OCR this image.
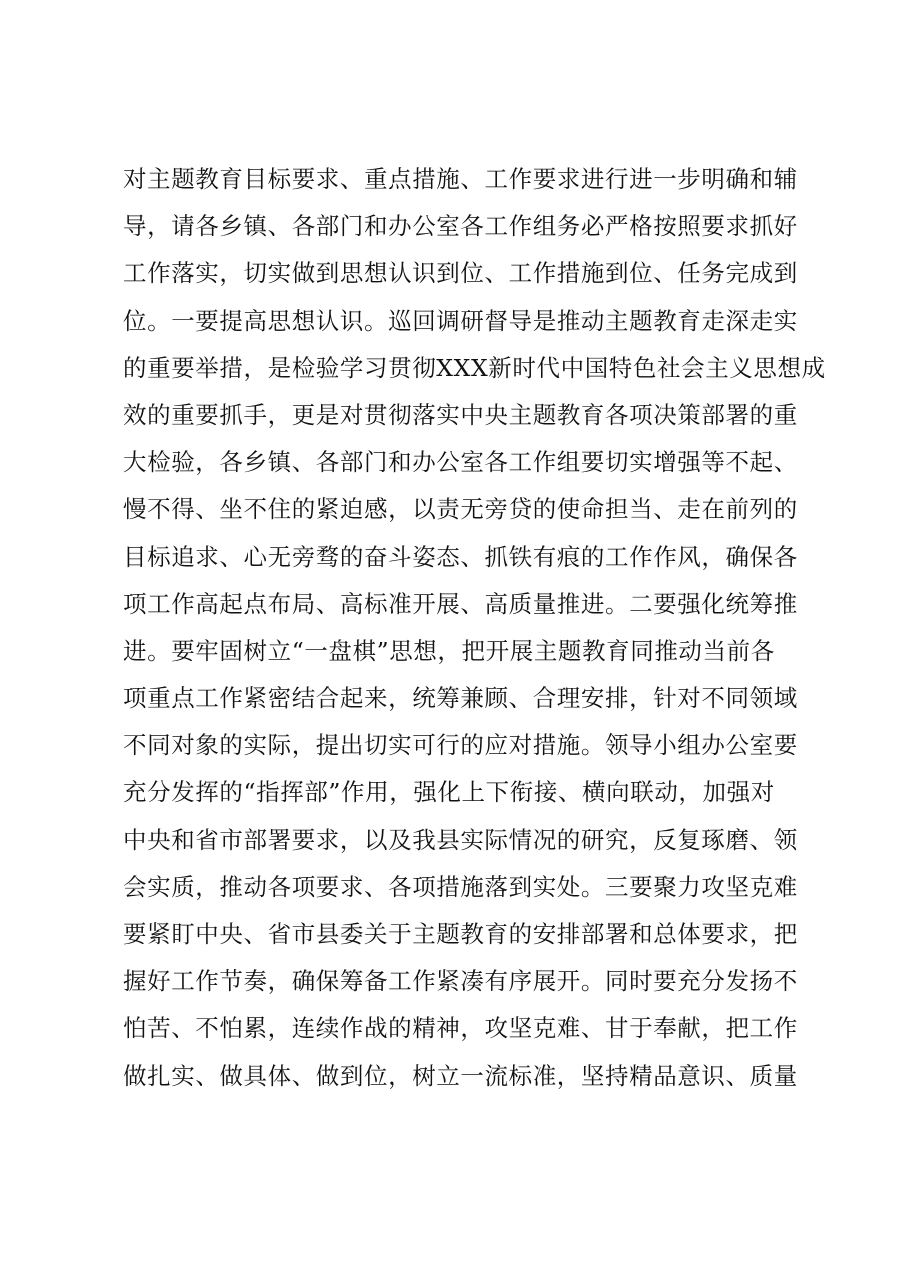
对主题教育目标要求、重点措施、工作要求进行进一步明确和辅
导，请各乡镇、各部门和办公室各工作组务必严格按照要求抓好
工作落实，切实做到思想认识到位、工作措施到位、任务完成到
位。一要提高思想认识。巡回调研督导是推动主题教育走深走实
的重要举措，是检验学习贯彻XXX新时代中国特色社会主义思想成
效的重要抓手，更是对贯彻落实中央主题教育各项决策部署的重
大检验，各乡镇、各部门和办公室各工作组要切实增强等不起、
慢不得、坐不住的紧迫感，以责无旁贷的使命担当、走在前列的
目标追求、心无旁骛的奋斗姿态、抓铁有痕的工作作风，确保各
项工作高起点布局、高标准开展、高质量推进。二要强化统筹推
进。要牢固树立“一盘棋”思想，把开展主题教育同推动当前各
项重点工作紧密结合起来，统筹兼顾、合理安排，针对不同领域
不同对象的实际，提出切实可行的应对措施。领导小组办公室要
充分发挥的“指挥部”作用，强化上下衔接、横向联动，加强对
中央和省市部署要求，以及我县实际情况的研究，反复琢磨、领
会实质，推动各项要求、各项措施落到实处。三要聚力攻坚克难
要紧盯中央、省市县委关于主题教育的安排部署和总体要求，把
握好工作节奏，确保筹备工作紧凑有序展开。同时要充分发扬不
怕苦、不怕累，连续作战的精神，攻坚克难、甘于奉献，把工作
做扎实、做具体、做到位，树立一流标准，坚持精品意识、质量
